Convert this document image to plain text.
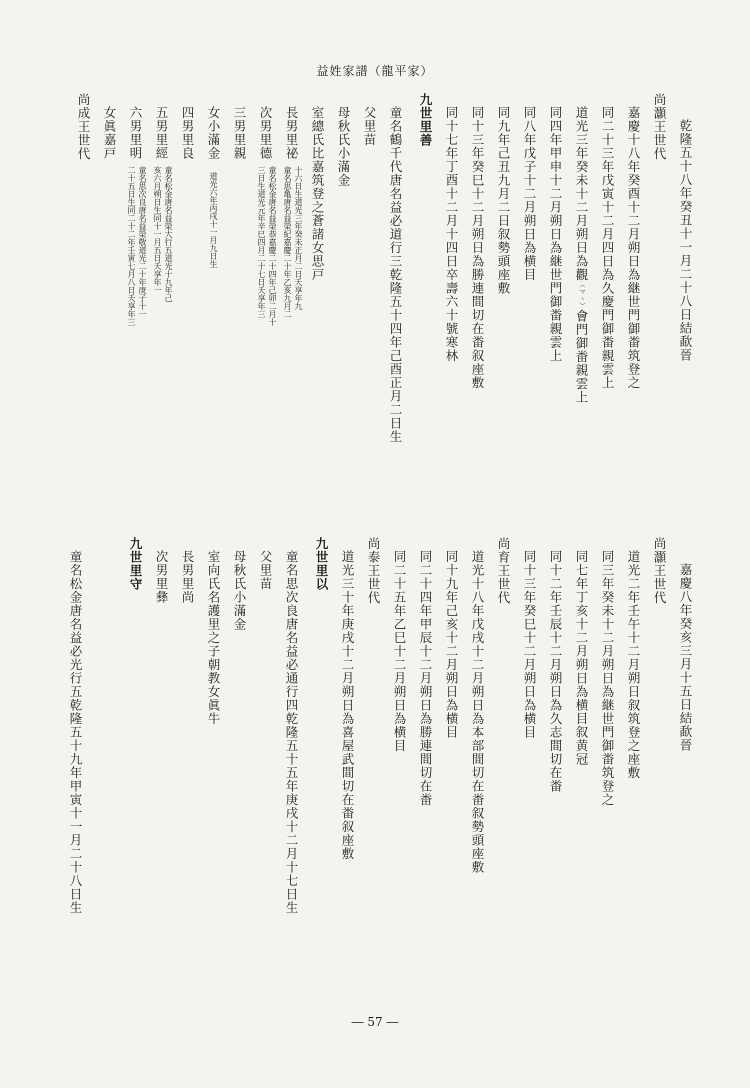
益姓家譜（龍平家）
乾隆五十八年癸丑十一月二十八日結歃晉
尚灝王世代
嘉慶十八年癸酉十二月朔日為継世門御畨筑登之
同二十三年戊寅十二月四日為久慶門御畨親雲上
道光三年癸未十二月朔日為觀（マヽ）會門御畨親雲上
同四年甲申十二月朔日為継世門御畨親雲上
同八年戊子十二月朔日為横目
同九年己丑九月二日叙勢頭座敷
同十三年癸巳十二月朔日為勝連間切在畨叙座敷
同十七年丁酉十二月十四日卒壽六十號寒林
九世里善
童名鶴千代唐名益必道行三乾隆五十四年己酉正月二日生
父里苗
母秋氏小滿金
室總氏比嘉筑登之蒼諸女思戸
長男里祕
十六日生道光三年癸未正月二日夭享年九
童名思亀唐名益榮紀嘉慶二十年乙亥九月二
次男里德
童名松金唐名益榮恭嘉慶二十四年己卯二月十
三日生道光元年辛巳四月二十七日夭享年三
三男里親
女小滿金道光六年丙戌十一月九日生
四男里良
五男里經
童名松金唐名益榮大行五道光十九年己
亥六月朔日生同十一月五日夭享年一
六男里明
童名思次良唐名益榮敬道光二十年庚子十一
二十五日生同二十二年壬寅七月八日夭享年三
女眞嘉戸
尚成王世代
嘉慶八年癸亥三月十五日結歃晉
尚灝王世代
道光二年壬午十二月朔日叙筑登之座敷
同三年癸未十二月朔日為継世門御畨筑登之
同七年丁亥十二月朔日為横目叙黄冠
同十二年壬辰十二月朔日為久志間切在畨
同十三年癸巳十二月朔日為横目
尚育王世代
道光十八年戊戌十二月朔日為本部間切在畨叙勢頭座敷
同十九年己亥十二月朔日為横目
同二十四年甲辰十二月朔日為勝連間切在畨
同二十五年乙巳十二月朔日為横目
尚泰王世代
道光三十年庚戌十二月朔日為喜屋武間切在畨叙座敷
九世里以
童名思次良唐名益必通行四乾隆五十五年庚戌十二月十七日生
父里苗
母秋氏小滿金
室向氏名護里之子朝教女眞牛
長男里尚
次男里彝
九世里守
童名松金唐名益必光行五乾隆五十九年甲寅十一月二十八日生
― 57 ―
